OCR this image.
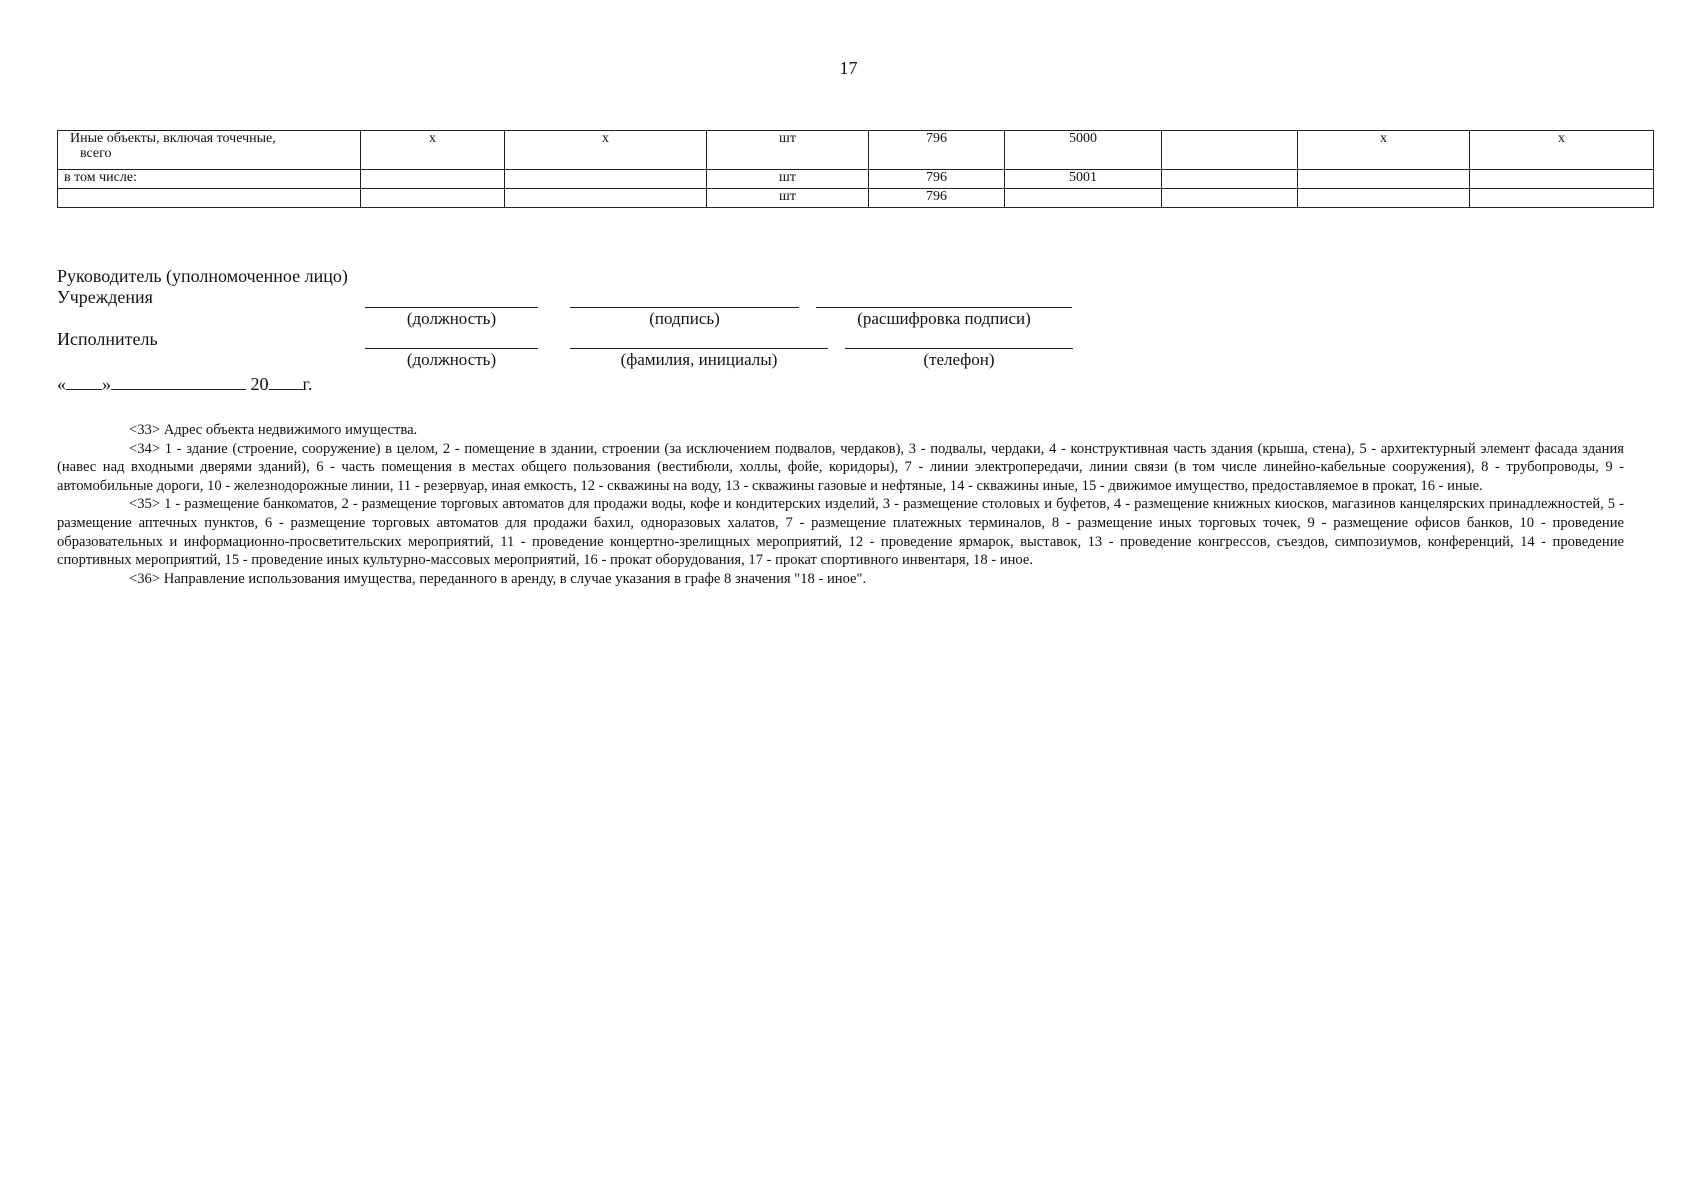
17
Иные объекты, включая точечные,
всего	x	x	шт	796	5000		x	x
в том числе:			шт	796	5001			
			шт	796				
Руководитель (уполномоченное лицо)
Учреждения
(должность)	(подпись)	(расшифровка подписи)
Исполнитель
(должность)	(фамилия, инициалы)	(телефон)
« »	20 г.

<33> Адрес объекта недвижимого имущества.

<34> 1 - здание (строение, сооружение) в целом, 2 - помещение в здании, строении (за исключением подвалов, чердаков), 3 - подвалы, чердаки, 4 - конструктивная часть здания (крыша, стена), 5 - архитектурный элемент фасада здания (навес над входными дверями зданий), 6 - часть помещения в местах общего пользования (вестибюли, холлы, фойе, коридоры), 7 - линии электропередачи, линии связи (в том числе линейно-кабельные сооружения), 8 - трубопроводы, 9 - автомобильные дороги, 10 - железнодорожные линии, 11 - резервуар, иная емкость, 12 - скважины на воду, 13 - скважины газовые и нефтяные, 14 - скважины иные, 15 - движимое имущество, предоставляемое в прокат, 16 - иные.

<35> 1 - размещение банкоматов, 2 - размещение торговых автоматов для продажи воды, кофе и кондитерских изделий, 3 - размещение столовых и буфетов, 4 - размещение книжных киосков, магазинов канцелярских принадлежностей, 5 - размещение аптечных пунктов, 6 - размещение торговых автоматов для продажи бахил, одноразовых халатов, 7 - размещение платежных терминалов, 8 - размещение иных торговых точек, 9 - размещение офисов банков, 10 - проведение образовательных и информационно-просветительских мероприятий, 11 - проведение концертно-зрелищных мероприятий, 12 - проведение ярмарок, выставок, 13 - проведение конгрессов, съездов, симпозиумов, конференций, 14 - проведение спортивных мероприятий, 15 - проведение иных культурно-массовых мероприятий, 16 - прокат оборудования, 17 - прокат спортивного инвентаря, 18 - иное.

<36> Направление использования имущества, переданного в аренду, в случае указания в графе 8 значения "18 - иное".
